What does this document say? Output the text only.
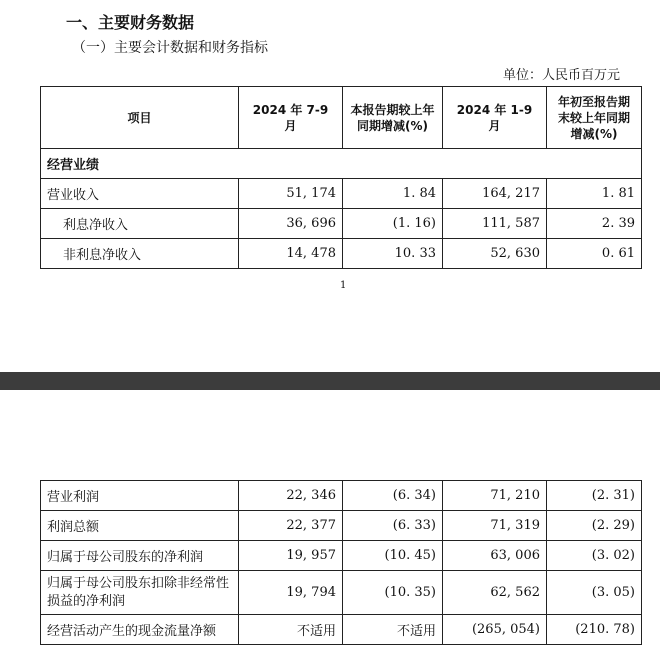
一、主要财务数据
（一）主要会计数据和财务指标
单位：人民币百万元
项目	2024 年 7-9 月	本报告期较上年同期增减(%)	2024 年 1-9 月	年初至报告期末较上年同期增减(%)
经营业绩				
营业收入	51, 174	1. 84	164, 217	1. 81
利息净收入	36, 696	(1. 16)	111, 587	2. 39
非利息净收入	14, 478	10. 33	52, 630	0. 61
1
营业利润	22, 346	(6. 34)	71, 210	(2. 31)
利润总额	22, 377	(6. 33)	71, 319	(2. 29)
归属于母公司股东的净利润	19, 957	(10. 45)	63, 006	(3. 02)
归属于母公司股东扣除非经常性损益的净利润	19, 794	(10. 35)	62, 562	(3. 05)
经营活动产生的现金流量净额	不适用	不适用	(265, 054)	(210. 78)
